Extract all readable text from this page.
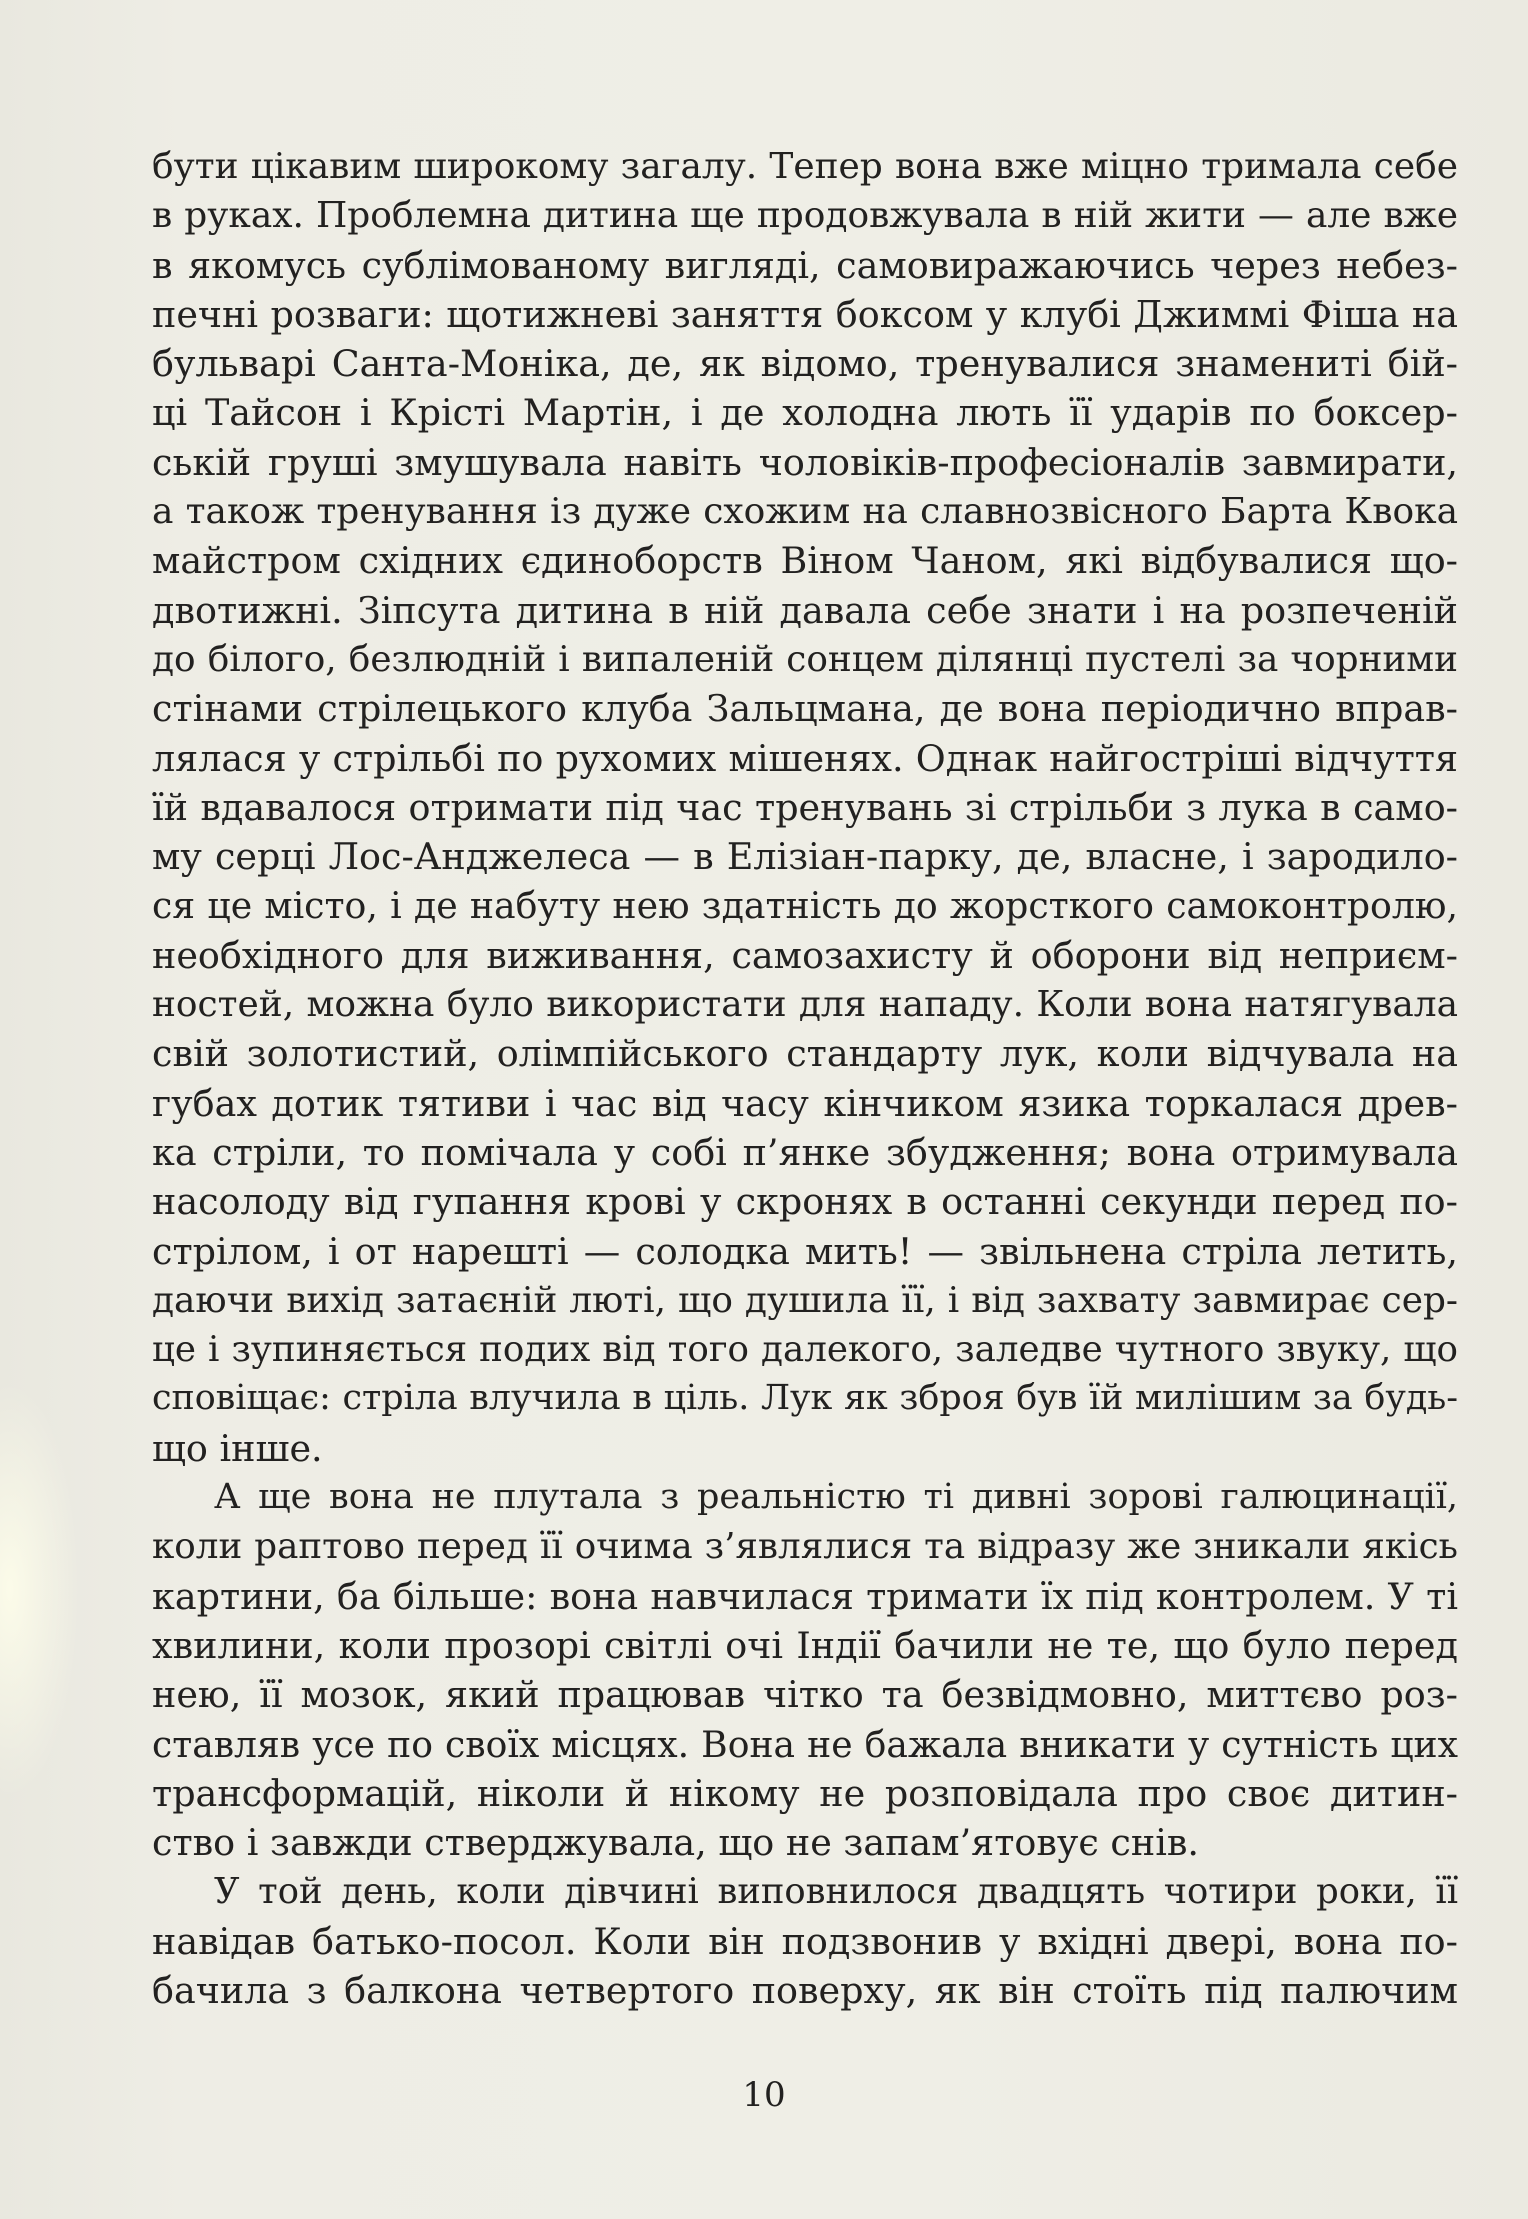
бути цікавим широкому загалу. Тепер вона вже міцно тримала себе
в руках. Проблемна дитина ще продовжувала в ній жити — але вже
в якомусь сублімованому вигляді, самовиражаючись через небез-
печні розваги: щотижневі заняття боксом у клубі Джиммі Фіша на
бульварі Санта-Моніка, де, як відомо, тренувалися знамениті бій-
ці Тайсон і Крісті Мартін, і де холодна лють її ударів по боксер-
ській груші змушувала навіть чоловіків-професіоналів завмирати,
а також тренування із дуже схожим на славнозвісного Барта Квока
майстром східних єдиноборств Віном Чаном, які відбувалися що-
двотижні. Зіпсута дитина в ній давала себе знати і на розпеченій
до білого, безлюдній і випаленій сонцем ділянці пустелі за чорними
стінами стрілецького клуба Зальцмана, де вона періодично вправ-
лялася у стрільбі по рухомих мішенях. Однак найгостріші відчуття
їй вдавалося отримати під час тренувань зі стрільби з лука в само-
му серці Лос-Анджелеса — в Елізіан-парку, де, власне, і зародило-
ся це місто, і де набуту нею здатність до жорсткого самоконтролю,
необхідного для виживання, самозахисту й оборони від неприєм-
ностей, можна було використати для нападу. Коли вона натягувала
свій золотистий, олімпійського стандарту лук, коли відчувала на
губах дотик тятиви і час від часу кінчиком язика торкалася древ-
ка стріли, то помічала у собі п’янке збудження; вона отримувала
насолоду від гупання крові у скронях в останні секунди перед по-
стрілом, і от нарешті — солодка мить! — звільнена стріла летить,
даючи вихід затаєній люті, що душила її, і від захвату завмирає сер-
це і зупиняється подих від того далекого, заледве чутного звуку, що
сповіщає: стріла влучила в ціль. Лук як зброя був їй милішим за будь-
що інше.

А ще вона не плутала з реальністю ті дивні зорові галюцинації,
коли раптово перед її очима з’являлися та відразу же зникали якісь
картини, ба більше: вона навчилася тримати їх під контролем. У ті
хвилини, коли прозорі світлі очі Індії бачили не те, що було перед
нею, її мозок, який працював чітко та безвідмовно, миттєво роз-
ставляв усе по своїх місцях. Вона не бажала вникати у сутність цих
трансформацій, ніколи й нікому не розповідала про своє дитин-
ство і завжди стверджувала, що не запам’ятовує снів.

У той день, коли дівчині виповнилося двадцять чотири роки, її
навідав батько-посол. Коли він подзвонив у вхідні двері, вона по-
бачила з балкона четвертого поверху, як він стоїть під палючим

10
